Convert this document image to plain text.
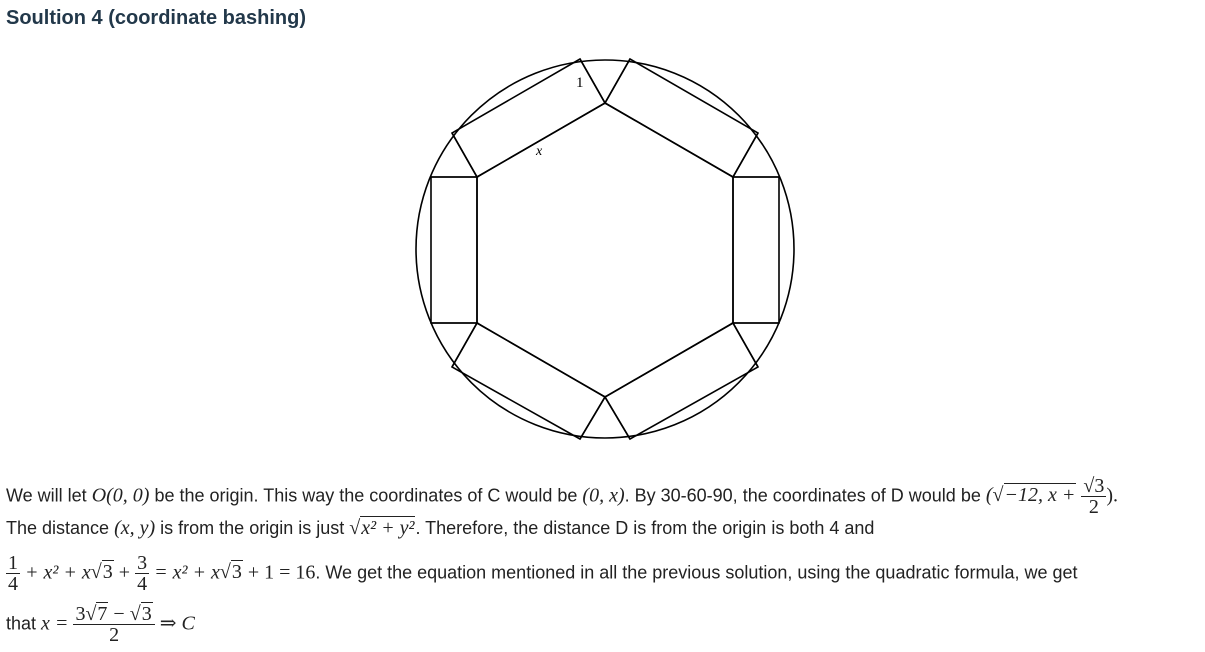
Soultion 4 (coordinate bashing)
1
x
We will let O(0, 0) be the origin. This way the coordinates of C would be (0, x). By 30-60-90, the coordinates of D would be (√−12, $x + \frac{√3}{2}$ ).
The distance (x, y) is from the origin is just √x² + y². Therefore, the distance D is from the origin is both 4 and
$\frac{1}{4} + x^2 + x√3 + \frac{3}{4} = x^2 + x√3 + 1 = 16$. We get the equation mentioned in all the previous solution, using the quadratic formula, we get
that $x = \frac{3√7 - √3}{2}$ ⇒ C
